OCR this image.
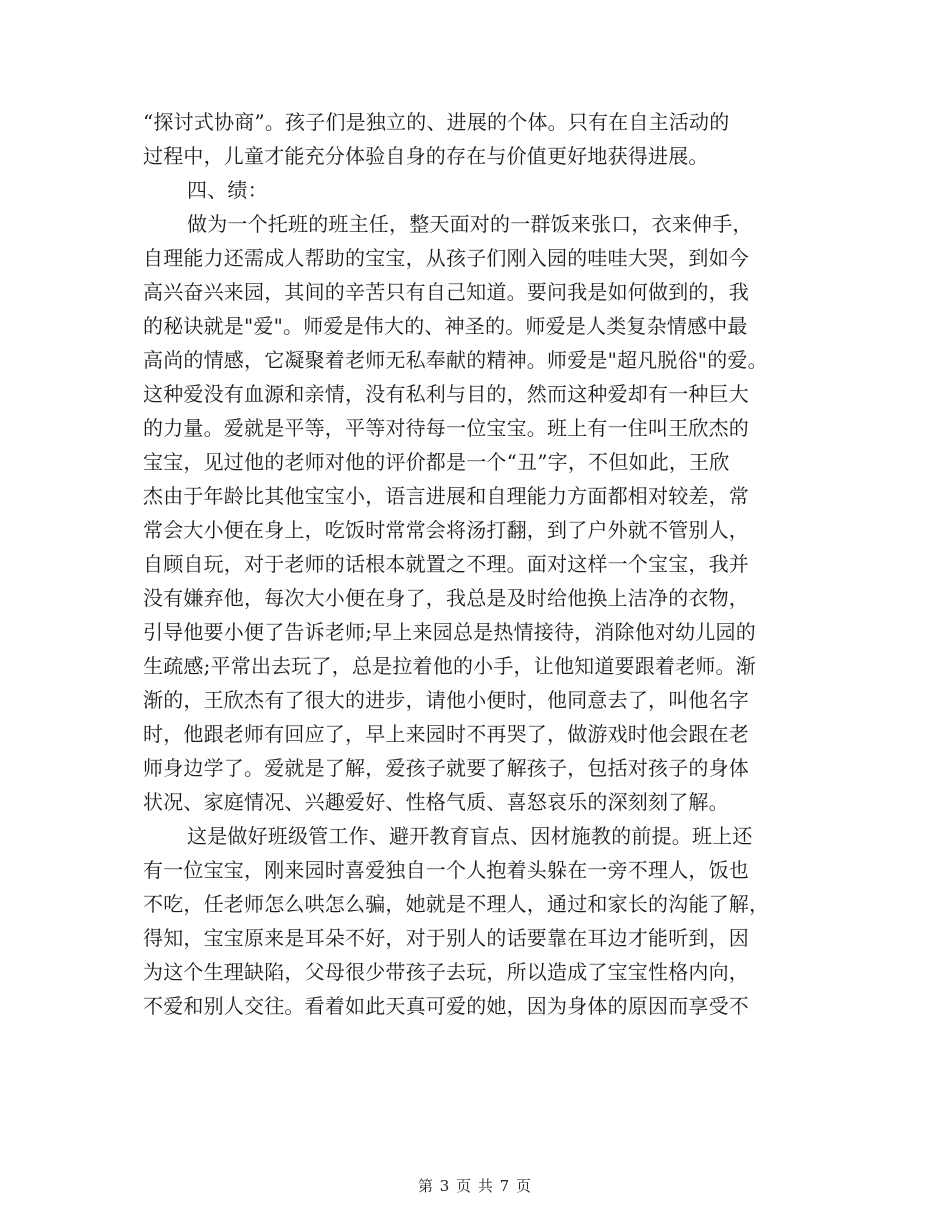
“探讨式协商”。孩子们是独立的、进展的个体。只有在自主活动的
过程中，儿童才能充分体验自身的存在与价值更好地获得进展。
四、绩：
做为一个托班的班主任，整天面对的一群饭来张口，衣来伸手，
自理能力还需成人帮助的宝宝，从孩子们刚入园的哇哇大哭，到如今
高兴奋兴来园，其间的辛苦只有自己知道。要问我是如何做到的，我
的秘诀就是"爱"。师爱是伟大的、神圣的。师爱是人类复杂情感中最
高尚的情感，它凝聚着老师无私奉献的精神。师爱是"超凡脱俗"的爱。
这种爱没有血源和亲情，没有私利与目的，然而这种爱却有一种巨大
的力量。爱就是平等，平等对待每一位宝宝。班上有一住叫王欣杰的
宝宝，见过他的老师对他的评价都是一个“丑”字，不但如此，王欣
杰由于年龄比其他宝宝小，语言进展和自理能力方面都相对较差，常
常会大小便在身上，吃饭时常常会将汤打翻，到了户外就不管别人，
自顾自玩，对于老师的话根本就置之不理。面对这样一个宝宝，我并
没有嫌弃他，每次大小便在身了，我总是及时给他换上洁净的衣物，
引导他要小便了告诉老师;早上来园总是热情接待，消除他对幼儿园的
生疏感;平常出去玩了，总是拉着他的小手，让他知道要跟着老师。渐
渐的，王欣杰有了很大的进步，请他小便时，他同意去了，叫他名字
时，他跟老师有回应了，早上来园时不再哭了，做游戏时他会跟在老
师身边学了。爱就是了解，爱孩子就要了解孩子，包括对孩子的身体
状况、家庭情况、兴趣爱好、性格气质、喜怒哀乐的深刻刻了解。
这是做好班级管工作、避开教育盲点、因材施教的前提。班上还
有一位宝宝，刚来园时喜爱独自一个人抱着头躲在一旁不理人，饭也
不吃，任老师怎么哄怎么骗，她就是不理人，通过和家长的沟能了解，
得知，宝宝原来是耳朵不好，对于别人的话要靠在耳边才能听到，因
为这个生理缺陷，父母很少带孩子去玩，所以造成了宝宝性格内向，
不爱和别人交往。看着如此天真可爱的她，因为身体的原因而享受不
第 3 页 共 7 页
